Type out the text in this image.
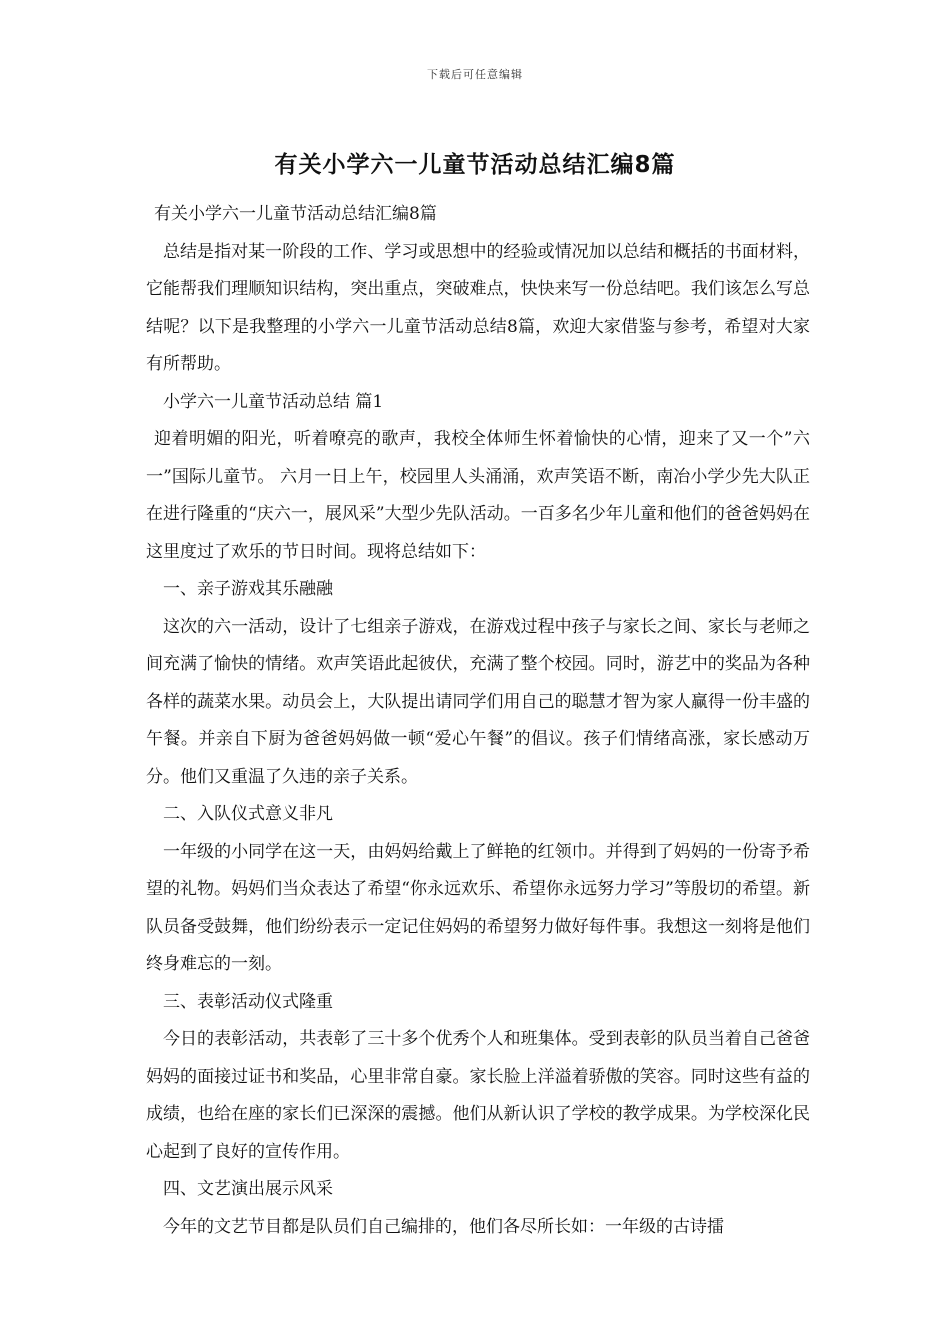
下载后可任意编辑
有关小学六一儿童节活动总结汇编8篇

有关小学六一儿童节活动总结汇编8篇

总结是指对某一阶段的工作、学习或思想中的经验或情况加以总结和概括的书面材料，它能帮我们理顺知识结构，突出重点，突破难点，快快来写一份总结吧。我们该怎么写总结呢？以下是我整理的小学六一儿童节活动总结8篇，欢迎大家借鉴与参考，希望对大家有所帮助。

小学六一儿童节活动总结 篇1

迎着明媚的阳光，听着嘹亮的歌声，我校全体师生怀着愉快的心情，迎来了又一个”六一”国际儿童节。 六月一日上午，校园里人头涌涌，欢声笑语不断，南冶小学少先大队正在进行隆重的“庆六一，展风采”大型少先队活动。一百多名少年儿童和他们的爸爸妈妈在这里度过了欢乐的节日时间。现将总结如下：

一、亲子游戏其乐融融

这次的六一活动，设计了七组亲子游戏，在游戏过程中孩子与家长之间、家长与老师之间充满了愉快的情绪。欢声笑语此起彼伏，充满了整个校园。同时，游艺中的奖品为各种各样的蔬菜水果。动员会上，大队提出请同学们用自己的聪慧才智为家人赢得一份丰盛的午餐。并亲自下厨为爸爸妈妈做一顿“爱心午餐”的倡议。孩子们情绪高涨，家长感动万分。他们又重温了久违的亲子关系。

二、入队仪式意义非凡

一年级的小同学在这一天，由妈妈给戴上了鲜艳的红领巾。并得到了妈妈的一份寄予希望的礼物。妈妈们当众表达了希望“你永远欢乐、希望你永远努力学习”等殷切的希望。新队员备受鼓舞，他们纷纷表示一定记住妈妈的希望努力做好每件事。我想这一刻将是他们终身难忘的一刻。

三、表彰活动仪式隆重

今日的表彰活动，共表彰了三十多个优秀个人和班集体。受到表彰的队员当着自己爸爸妈妈的面接过证书和奖品，心里非常自豪。家长脸上洋溢着骄傲的笑容。同时这些有益的成绩，也给在座的家长们已深深的震撼。他们从新认识了学校的教学成果。为学校深化民心起到了良好的宣传作用。

四、文艺演出展示风采

今年的文艺节目都是队员们自己编排的，他们各尽所长如：一年级的古诗擂
